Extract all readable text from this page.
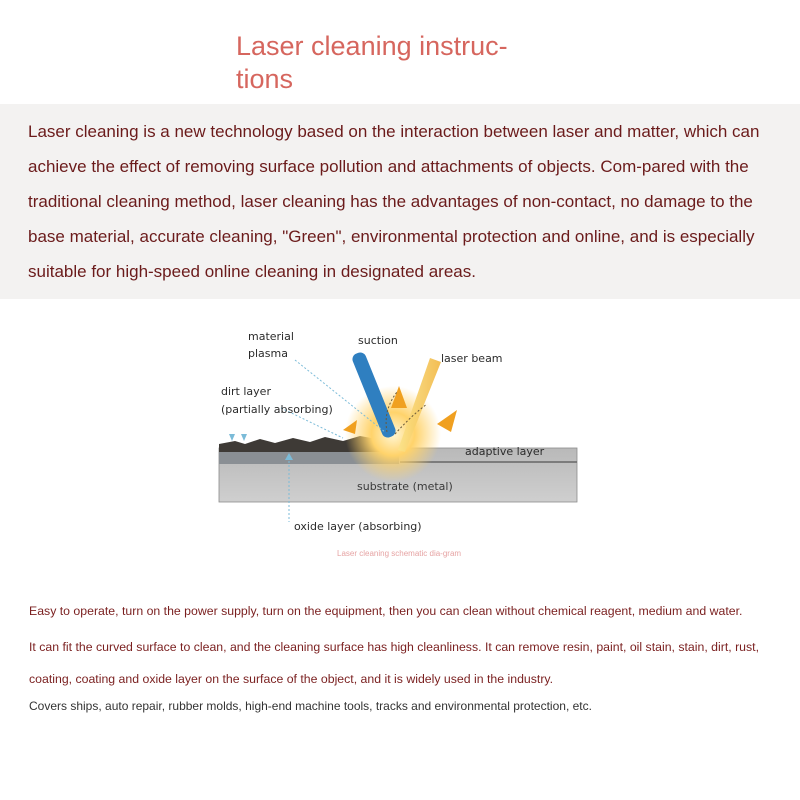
Laser cleaning instruc-tions
Laser cleaning is a new technology based on the interaction between laser and matter, which can achieve the effect of removing surface pollution and attachments of objects. Com-pared with the traditional cleaning method, laser cleaning has the advantages of non-contact, no damage to the base material, accurate cleaning, "Green", environmental protection and online, and is especially suitable for high-speed online cleaning in designated areas.
material
plasma
suction
laser beam
dirt layer
(partially absorbing)
adaptive layer
substrate (metal)
oxide layer (absorbing)
Laser cleaning schematic dia-gram
Easy to operate, turn on the power supply, turn on the equipment, then you can clean without chemical reagent, medium and water.
It can fit the curved surface to clean, and the cleaning surface has high cleanliness. It can remove resin, paint, oil stain, stain, dirt, rust, coating, coating and oxide layer on the surface of the object, and it is widely used in the industry.
Covers ships, auto repair, rubber molds, high-end machine tools, tracks and environmental protection, etc.
